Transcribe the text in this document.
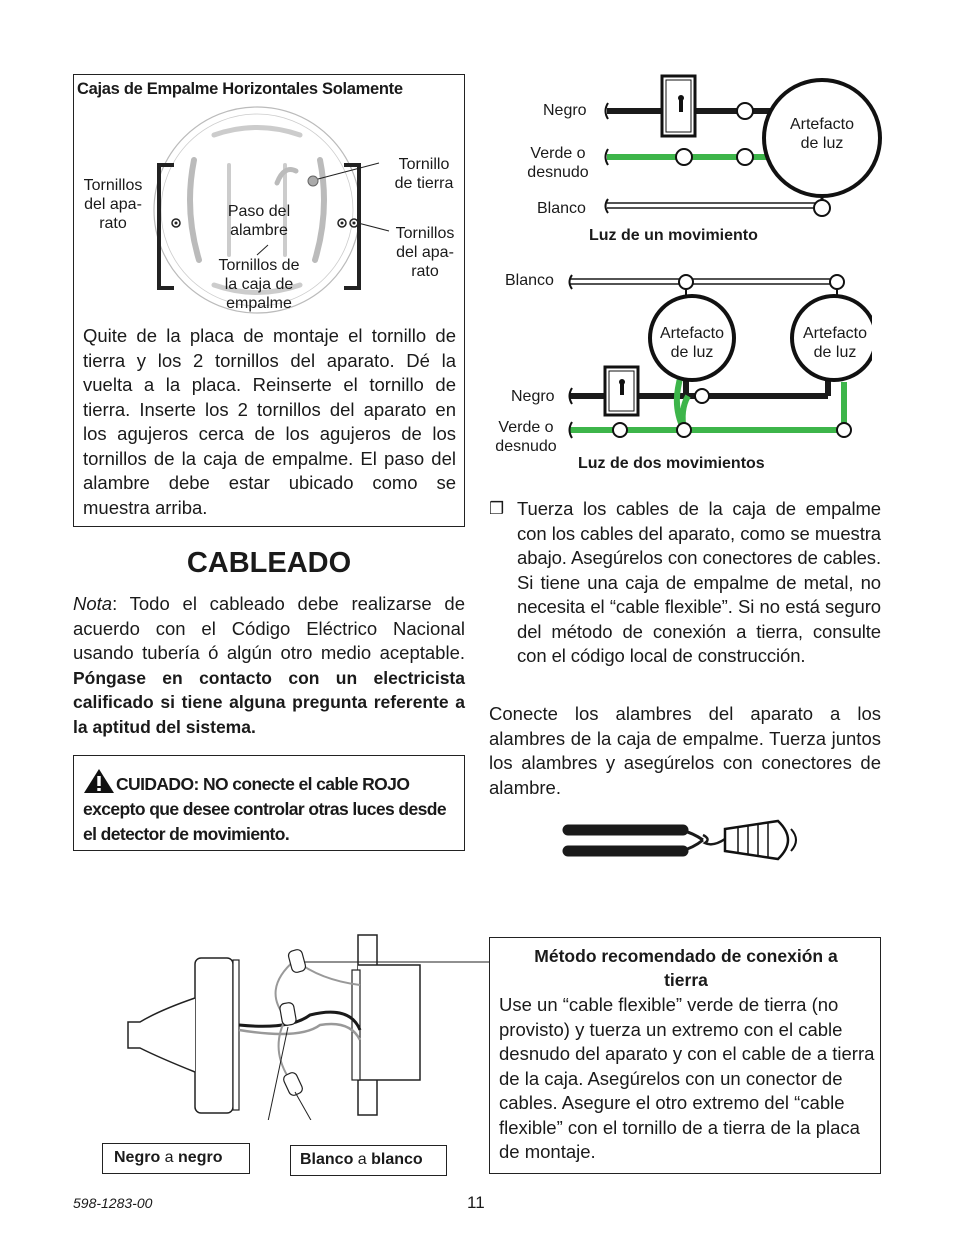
Cajas de Empalme Horizontales Solamente
Tornillos
del apa-
rato
Tornillo
de tierra
Paso del
alambre	Tornillos
del apa-
rato
Tornillos de
la caja de
empalme
Quite de la placa de montaje el tornillo de tierra y los 2 tornillos del aparato. Dé la vuelta a la placa. Reinserte el tornillo de tierra. Inserte los 2 tornillos del aparato en los agujeros cerca de los agujeros de los tornillos de la caja de empalme. El paso del alambre debe estar ubicado como se muestra arriba.
CABLEADO
Nota: Todo el cableado debe realizarse de acuerdo con el Código Eléctrico Nacional usando tubería ó algún otro medio aceptable. Póngase en contacto con un electricista calificado si tiene alguna pregunta referente a la aptitud del sistema.
CUIDADO: NO conecte el cable ROJO excepto que desee controlar otras luces desde el detector de movimiento.
Negro
Verde o
desnudo
Blanco
Artefacto
de luz
Luz de un movimiento
Blanco
Negro
Verde o
desnudo
Artefacto
de luz
Artefacto
de luz
Luz de dos movimientos
❒ Tuerza los cables de la caja de empalme con los cables del aparato, como se muestra abajo. Asegúrelos con conectores de cables. Si tiene una caja de empalme de metal, no necesita el “cable flexible”. Si no está seguro del método de conexión a tierra, consulte con el código local de construcción.
Conecte los alambres del aparato a los alambres de la caja de empalme. Tuerza juntos los alambres y asegúrelos con conectores de alambre.
Negro a negro	Blanco a blanco
Método recomendado de conexión a tierra
Use un “cable flexible” verde de tierra (no provisto) y tuerza un extremo con el cable desnudo del aparato y con el cable de a tierra de la caja. Asegúrelos con un conector de cables. Asegure el otro extremo del “cable flexible” con el tornillo de a tierra de la placa de montaje.
598-1283-00	11
